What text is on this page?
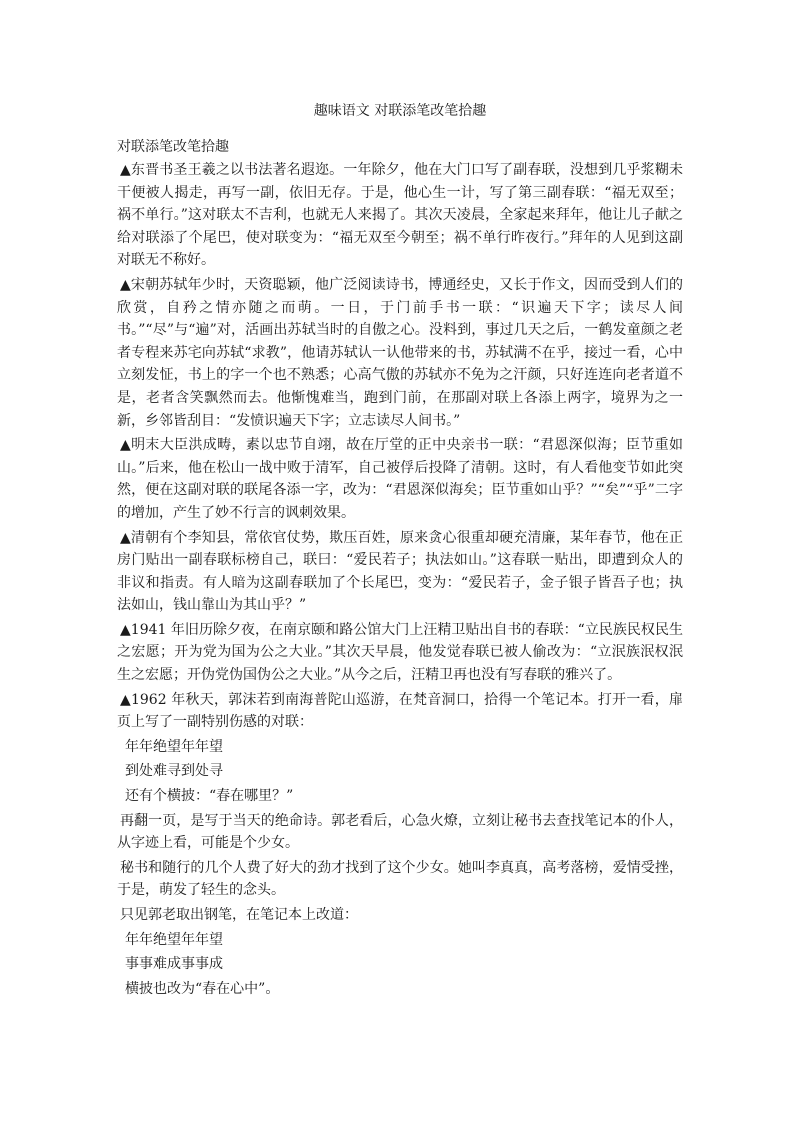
趣味语文 对联添笔改笔拾趣
对联添笔改笔拾趣

▲东晋书圣王羲之以书法著名遐迩。一年除夕，他在大门口写了副春联，没想到几乎浆糊未干便被人揭走，再写一副，依旧无存。于是，他心生一计，写了第三副春联：“福无双至；祸不单行。”这对联太不吉利，也就无人来揭了。其次天凌晨，全家起来拜年，他让儿子献之给对联添了个尾巴，使对联变为：“福无双至今朝至；祸不单行昨夜行。”拜年的人见到这副对联无不称好。

▲宋朝苏轼年少时，天资聪颖，他广泛阅读诗书，博通经史，又长于作文，因而受到人们的欣赏，自矜之情亦随之而萌。一日，于门前手书一联：“识遍天下字；读尽人间书。”“尽”与“遍”对，活画出苏轼当时的自傲之心。没料到，事过几天之后，一鹤发童颜之老者专程来苏宅向苏轼“求教”，他请苏轼认一认他带来的书，苏轼满不在乎，接过一看，心中立刻发怔，书上的字一个也不熟悉；心高气傲的苏轼亦不免为之汗颜，只好连连向老者道不是，老者含笑飘然而去。他惭愧难当，跑到门前，在那副对联上各添上两字，境界为之一新，乡邻皆刮目：“发愤识遍天下字；立志读尽人间书。”

▲明末大臣洪成畴，素以忠节自翊，故在厅堂的正中央亲书一联：“君恩深似海；臣节重如山。”后来，他在松山一战中败于清军，自己被俘后投降了清朝。这时，有人看他变节如此突然，便在这副对联的联尾各添一字，改为：“君恩深似海矣；臣节重如山乎？”“矣”“乎”二字的增加，产生了妙不行言的讽刺效果。

▲清朝有个李知县，常依官仗势，欺压百姓，原来贪心很重却硬充清廉，某年春节，他在正房门贴出一副春联标榜自己，联曰：“爱民若子；执法如山。”这春联一贴出，即遭到众人的非议和指责。有人暗为这副春联加了个长尾巴，变为：“爱民若子，金子银子皆吾子也；执法如山，钱山靠山为其山乎？”

▲1941 年旧历除夕夜，在南京颐和路公馆大门上汪精卫贴出自书的春联：“立民族民权民生之宏愿；开为党为国为公之大业。”其次天早晨，他发觉春联已被人偷改为：“立泯族泯权泯生之宏愿；开伪党伪国伪公之大业。”从今之后，汪精卫再也没有写春联的雅兴了。

▲1962 年秋天，郭沫若到南海普陀山巡游，在梵音洞口，拾得一个笔记本。打开一看，扉页上写了一副特别伤感的对联：

年年绝望年年望

到处难寻到处寻

还有个横披：“春在哪里？”

再翻一页，是写于当天的绝命诗。郭老看后，心急火燎，立刻让秘书去查找笔记本的仆人，从字迹上看，可能是个少女。

秘书和随行的几个人费了好大的劲才找到了这个少女。她叫李真真，高考落榜，爱情受挫，于是，萌发了轻生的念头。

只见郭老取出钢笔，在笔记本上改道：

年年绝望年年望

事事难成事事成

横披也改为“春在心中”。
